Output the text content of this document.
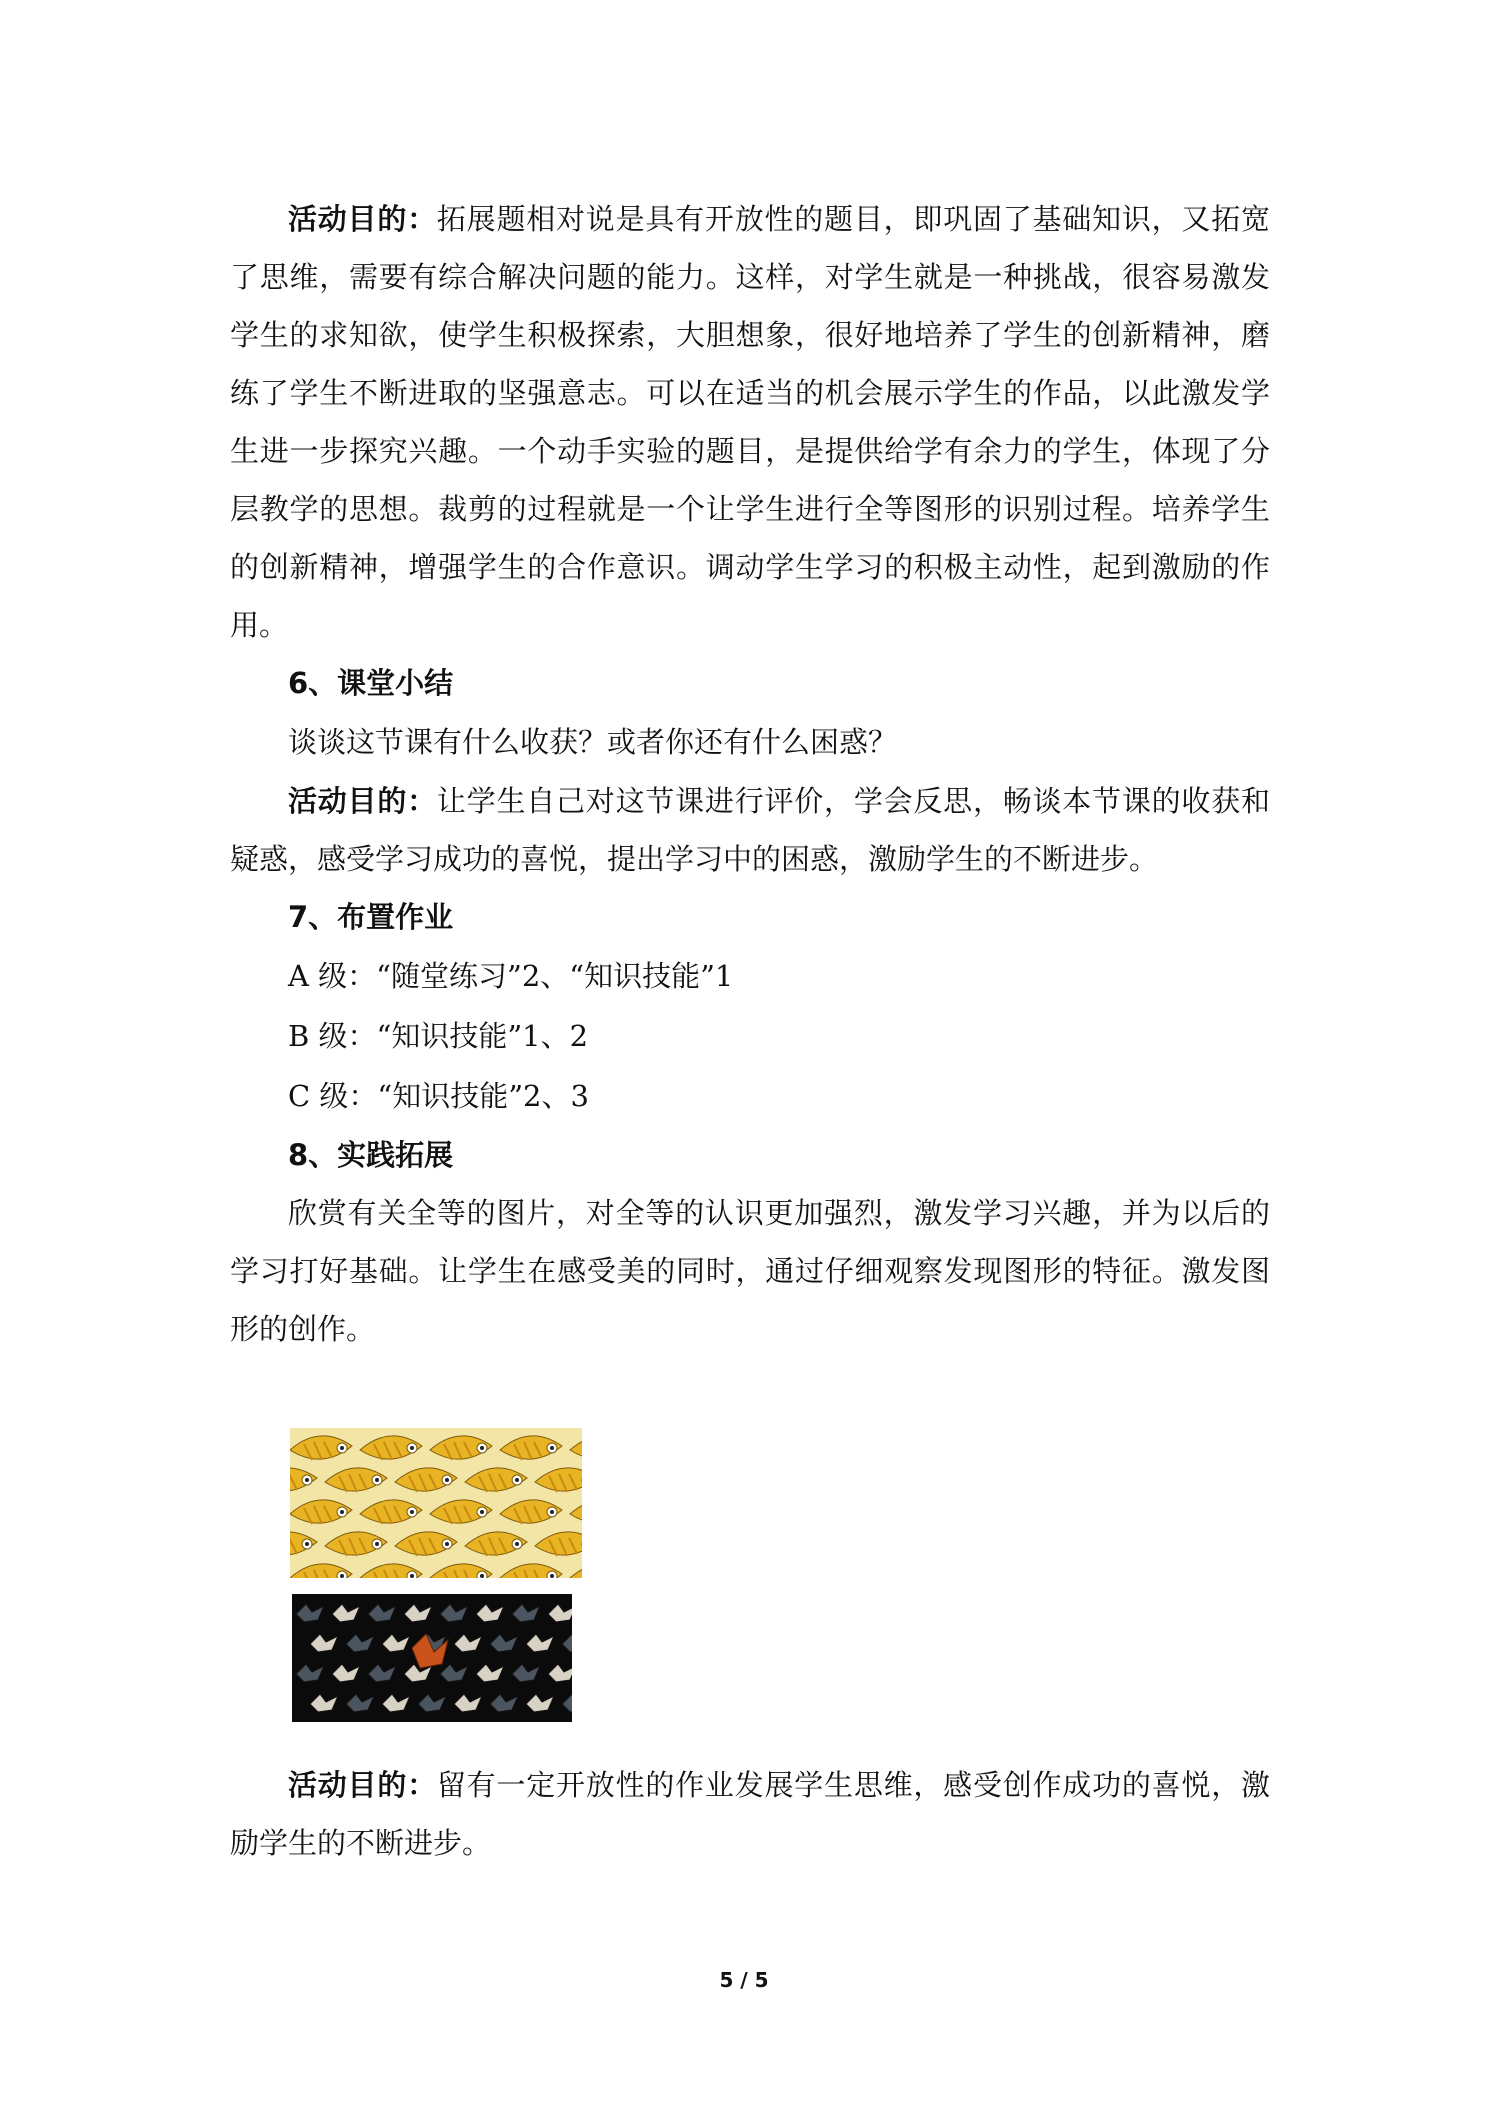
活动目的：拓展题相对说是具有开放性的题目，即巩固了基础知识，又拓宽了思维，需要有综合解决问题的能力。这样，对学生就是一种挑战，很容易激发学生的求知欲，使学生积极探索，大胆想象，很好地培养了学生的创新精神，磨练了学生不断进取的坚强意志。可以在适当的机会展示学生的作品，以此激发学生进一步探究兴趣。一个动手实验的题目，是提供给学有余力的学生，体现了分层教学的思想。裁剪的过程就是一个让学生进行全等图形的识别过程。培养学生的创新精神，增强学生的合作意识。调动学生学习的积极主动性，起到激励的作用。

6、课堂小结

谈谈这节课有什么收获？或者你还有什么困惑？

活动目的：让学生自己对这节课进行评价，学会反思，畅谈本节课的收获和疑惑，感受学习成功的喜悦，提出学习中的困惑，激励学生的不断进步。

7、布置作业

A 级：“随堂练习”2、“知识技能”1

B 级：“知识技能”1、2

C 级：“知识技能”2、3

8、实践拓展

欣赏有关全等的图片，对全等的认识更加强烈，激发学习兴趣，并为以后的学习打好基础。让学生在感受美的同时，通过仔细观察发现图形的特征。激发图形的创作。

活动目的：留有一定开放性的作业发展学生思维，感受创作成功的喜悦，激励学生的不断进步。

5 / 5
